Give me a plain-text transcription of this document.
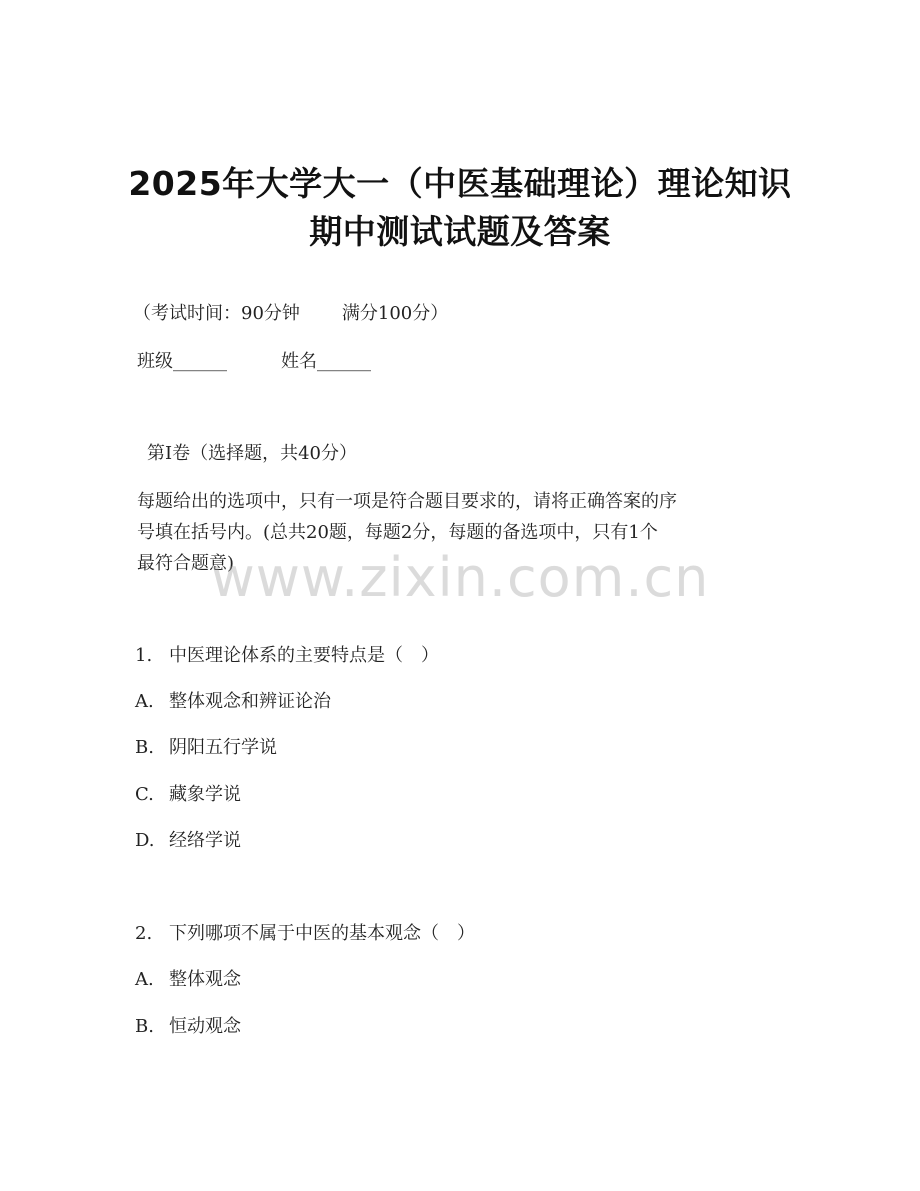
2025年大学大一（中医基础理论）理论知识
期中测试试题及答案
（考试时间：90分钟 满分100分）
班级______	姓名______
第I卷（选择题，共40分）
每题给出的选项中，只有一项是符合题目要求的，请将正确答案的序
号填在括号内。(总共20题，每题2分，每题的备选项中，只有1个
最符合题意)
www.zixin.com.cn
1. 中医理论体系的主要特点是（　）
A. 整体观念和辨证论治
B. 阴阳五行学说
C. 藏象学说
D. 经络学说
2. 下列哪项不属于中医的基本观念（　）
A. 整体观念
B. 恒动观念
